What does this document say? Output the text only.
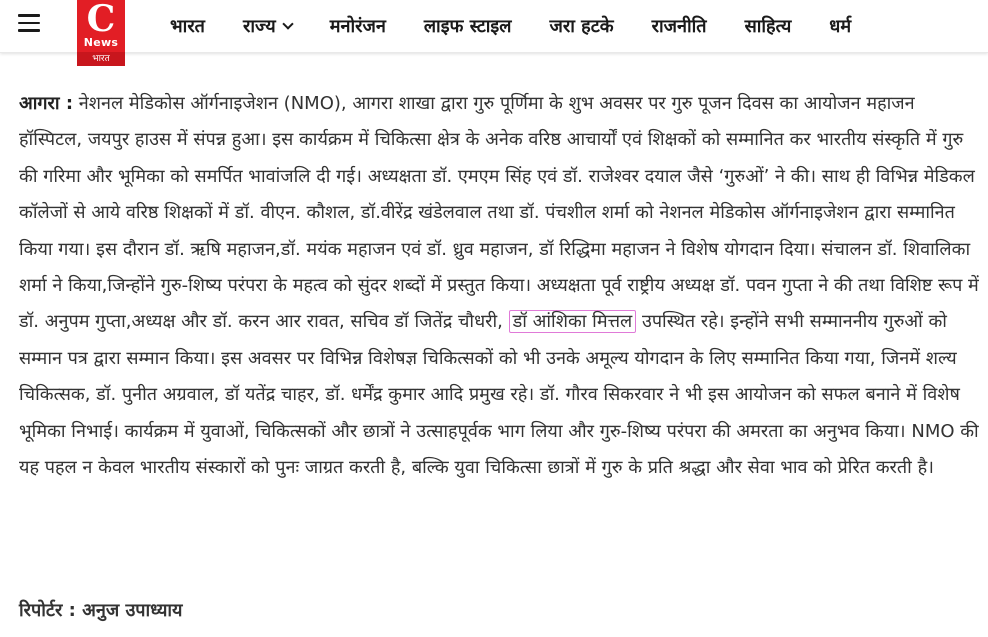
भारत राज्य	मनोरंजन लाइफ स्टाइल जरा हटके राजनीति साहित्य धर्म
C
News
भारत

आगरा : नेशनल मेडिकोस ऑर्गनाइजेशन (NMO), आगरा शाखा द्वारा गुरु पूर्णिमा के शुभ अवसर पर गुरु पूजन दिवस का आयोजन महाजन हॉस्पिटल, जयपुर हाउस में संपन्न हुआ। इस कार्यक्रम में चिकित्सा क्षेत्र के अनेक वरिष्ठ आचार्यों एवं शिक्षकों को सम्मानित कर भारतीय संस्कृति में गुरु की गरिमा और भूमिका को समर्पित भावांजलि दी गई। अध्यक्षता डॉ. एमएम सिंह एवं डॉ. राजेश्वर दयाल जैसे ‘गुरुओं’ ने की। साथ ही विभिन्न मेडिकल कॉलेजों से आये वरिष्ठ शिक्षकों में डॉ. वीएन. कौशल, डॉ.वीरेंद्र खंडेलवाल तथा डॉ. पंचशील शर्मा को नेशनल मेडिकोस ऑर्गनाइजेशन द्वारा सम्मानित किया गया। इस दौरान डॉ. ऋषि महाजन,डॉ. मयंक महाजन एवं डॉ. ध्रुव महाजन, डॉ रिद्धिमा महाजन ने विशेष योगदान दिया। संचालन डॉ. शिवालिका शर्मा ने किया,जिन्होंने गुरु-शिष्य परंपरा के महत्व को सुंदर शब्दों में प्रस्तुत किया। अध्यक्षता पूर्व राष्ट्रीय अध्यक्ष डॉ. पवन गुप्ता ने की तथा विशिष्ट रूप में डॉ. अनुपम गुप्ता,अध्यक्ष और डॉ. करन आर रावत, सचिव डॉ जितेंद्र चौधरी, डॉ आंशिका मित्तल उपस्थित रहे। इन्होंने सभी सम्माननीय गुरुओं को सम्मान पत्र द्वारा सम्मान किया। इस अवसर पर विभिन्न विशेषज्ञ चिकित्सकों को भी उनके अमूल्य योगदान के लिए सम्मानित किया गया, जिनमें शल्य चिकित्सक, डॉ. पुनीत अग्रवाल, डॉ यतेंद्र चाहर, डॉ. धर्मेंद्र कुमार आदि प्रमुख रहे। डॉ. गौरव सिकरवार ने भी इस आयोजन को सफल बनाने में विशेष भूमिका निभाई। कार्यक्रम में युवाओं, चिकित्सकों और छात्रों ने उत्साहपूर्वक भाग लिया और गुरु-शिष्य परंपरा की अमरता का अनुभव किया। NMO की यह पहल न केवल भारतीय संस्कारों को पुनः जाग्रत करती है, बल्कि युवा चिकित्सा छात्रों में गुरु के प्रति श्रद्धा और सेवा भाव को प्रेरित करती है।

रिपोर्टर : अनुज उपाध्याय
